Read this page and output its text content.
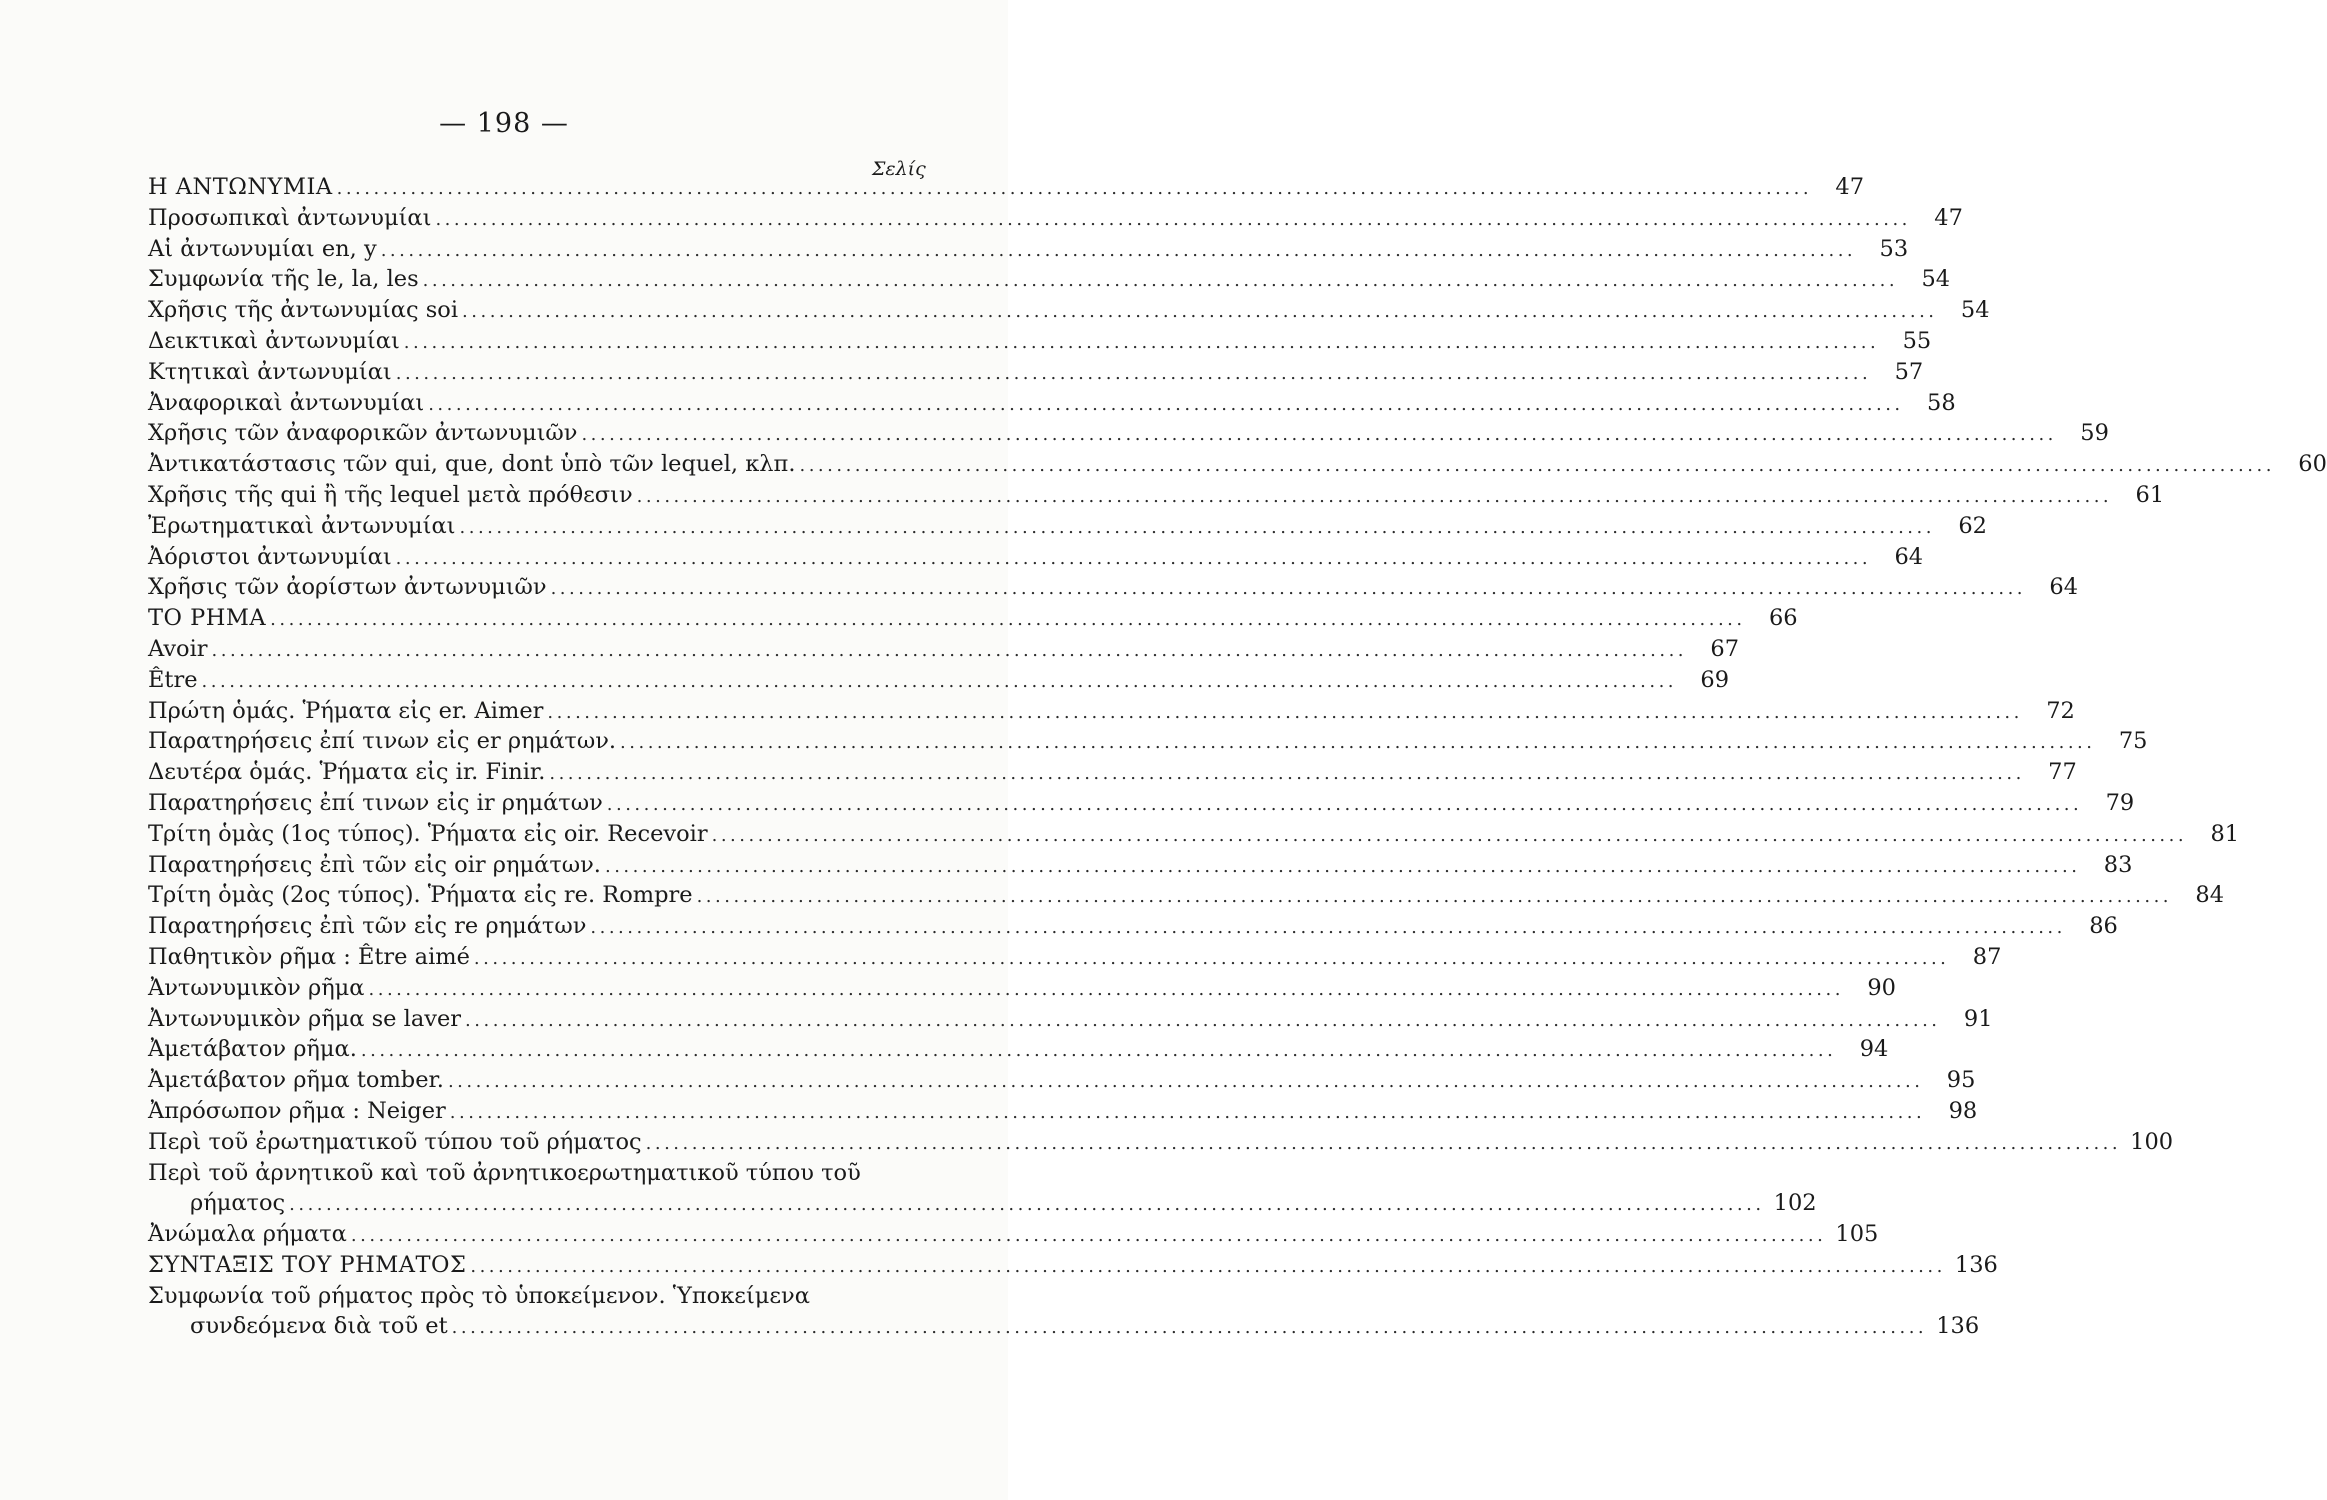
— 198 —
Σελίς
Η ΑΝΤΩΝΥΜΙΑ ................................................................................................................................................................	47
Προσωπικαὶ ἀντωνυμίαι ................................................................................................................................................................	47
Αἱ ἀντωνυμίαι en, y ................................................................................................................................................................	53
Συμφωνία τῆς le, la, les ................................................................................................................................................................	54
Χρῆσις τῆς ἀντωνυμίας soi ................................................................................................................................................................	54
Δεικτικαὶ ἀντωνυμίαι ................................................................................................................................................................	55
Κτητικαὶ ἀντωνυμίαι ................................................................................................................................................................	57
Ἀναφορικαὶ ἀντωνυμίαι ................................................................................................................................................................	58
Χρῆσις τῶν ἀναφορικῶν ἀντωνυμιῶν ................................................................................................................................................................	59
Ἀντικατάστασις τῶν qui, que, dont ὑπὸ τῶν lequel, κλπ. ................................................................................................................................................................	60
Χρῆσις τῆς qui ἢ τῆς lequel μετὰ πρόθεσιν ................................................................................................................................................................	61
Ἐρωτηματικαὶ ἀντωνυμίαι ................................................................................................................................................................	62
Ἀόριστοι ἀντωνυμίαι ................................................................................................................................................................	64
Χρῆσις τῶν ἀορίστων ἀντωνυμιῶν ................................................................................................................................................................	64
ΤΟ ΡΗΜΑ ................................................................................................................................................................	66
Avoir ................................................................................................................................................................	67
Être ................................................................................................................................................................	69
Πρώτη ὁμάς. Ῥήματα εἰς er. Aimer ................................................................................................................................................................	72
Παρατηρήσεις ἐπί τινων εἰς er ρημάτων. ................................................................................................................................................................	75
Δευτέρα ὁμάς. Ῥήματα εἰς ir. Finir. ................................................................................................................................................................	77
Παρατηρήσεις ἐπί τινων εἰς ir ρημάτων ................................................................................................................................................................	79
Τρίτη ὁμὰς (1ος τύπος). Ῥήματα εἰς oir. Recevoir ................................................................................................................................................................	81
Παρατηρήσεις ἐπὶ τῶν εἰς oir ρημάτων. ................................................................................................................................................................	83
Τρίτη ὁμὰς (2ος τύπος). Ῥήματα εἰς re. Rompre ................................................................................................................................................................	84
Παρατηρήσεις ἐπὶ τῶν εἰς re ρημάτων ................................................................................................................................................................	86
Παθητικὸν ρῆμα : Être aimé ................................................................................................................................................................	87
Ἀντωνυμικὸν ρῆμα ................................................................................................................................................................	90
Ἀντωνυμικὸν ρῆμα se laver ................................................................................................................................................................	91
Ἀμετάβατον ρῆμα. ................................................................................................................................................................	94
Ἀμετάβατον ρῆμα tomber. ................................................................................................................................................................	95
Ἀπρόσωπον ρῆμα : Neiger ................................................................................................................................................................	98
Περὶ τοῦ ἐρωτηματικοῦ τύπου τοῦ ρήματος ................................................................................................................................................................ 100
Περὶ τοῦ ἀρνητικοῦ καὶ τοῦ ἀρνητικοερωτηματικοῦ τύπου τοῦ
ρήματος ................................................................................................................................................................ 102
Ἀνώμαλα ρήματα ................................................................................................................................................................ 105
ΣΥΝΤΑΞΙΣ ΤΟΥ ΡΗΜΑΤΟΣ ................................................................................................................................................................ 136
Συμφωνία τοῦ ρήματος πρὸς τὸ ὑποκείμενον. Ὑποκείμενα
συνδεόμενα διὰ τοῦ et ................................................................................................................................................................ 136
